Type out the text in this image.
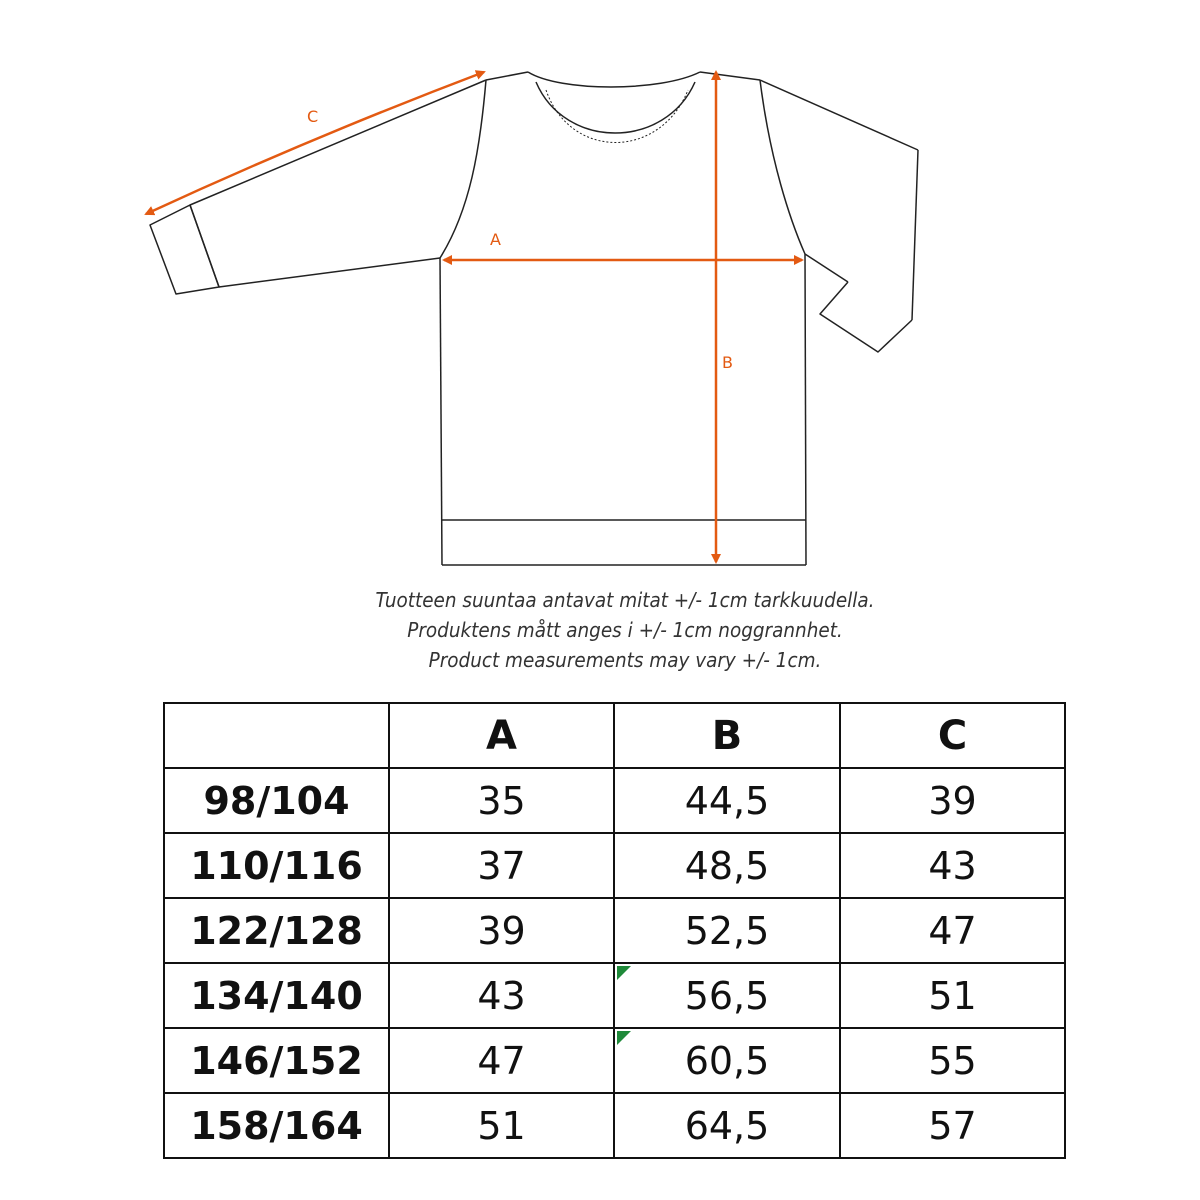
A
B
C
Tuotteen suuntaa antavat mitat +/- 1cm tarkkuudella.
Produktens mått anges i +/- 1cm noggrannhet.
Product measurements may vary +/- 1cm.
	A	B	C
98/104	35	44,5	39
110/116	37	48,5	43
122/128	39	52,5	47
134/140	43	56,5	51
146/152	47	60,5	55
158/164	51	64,5	57
